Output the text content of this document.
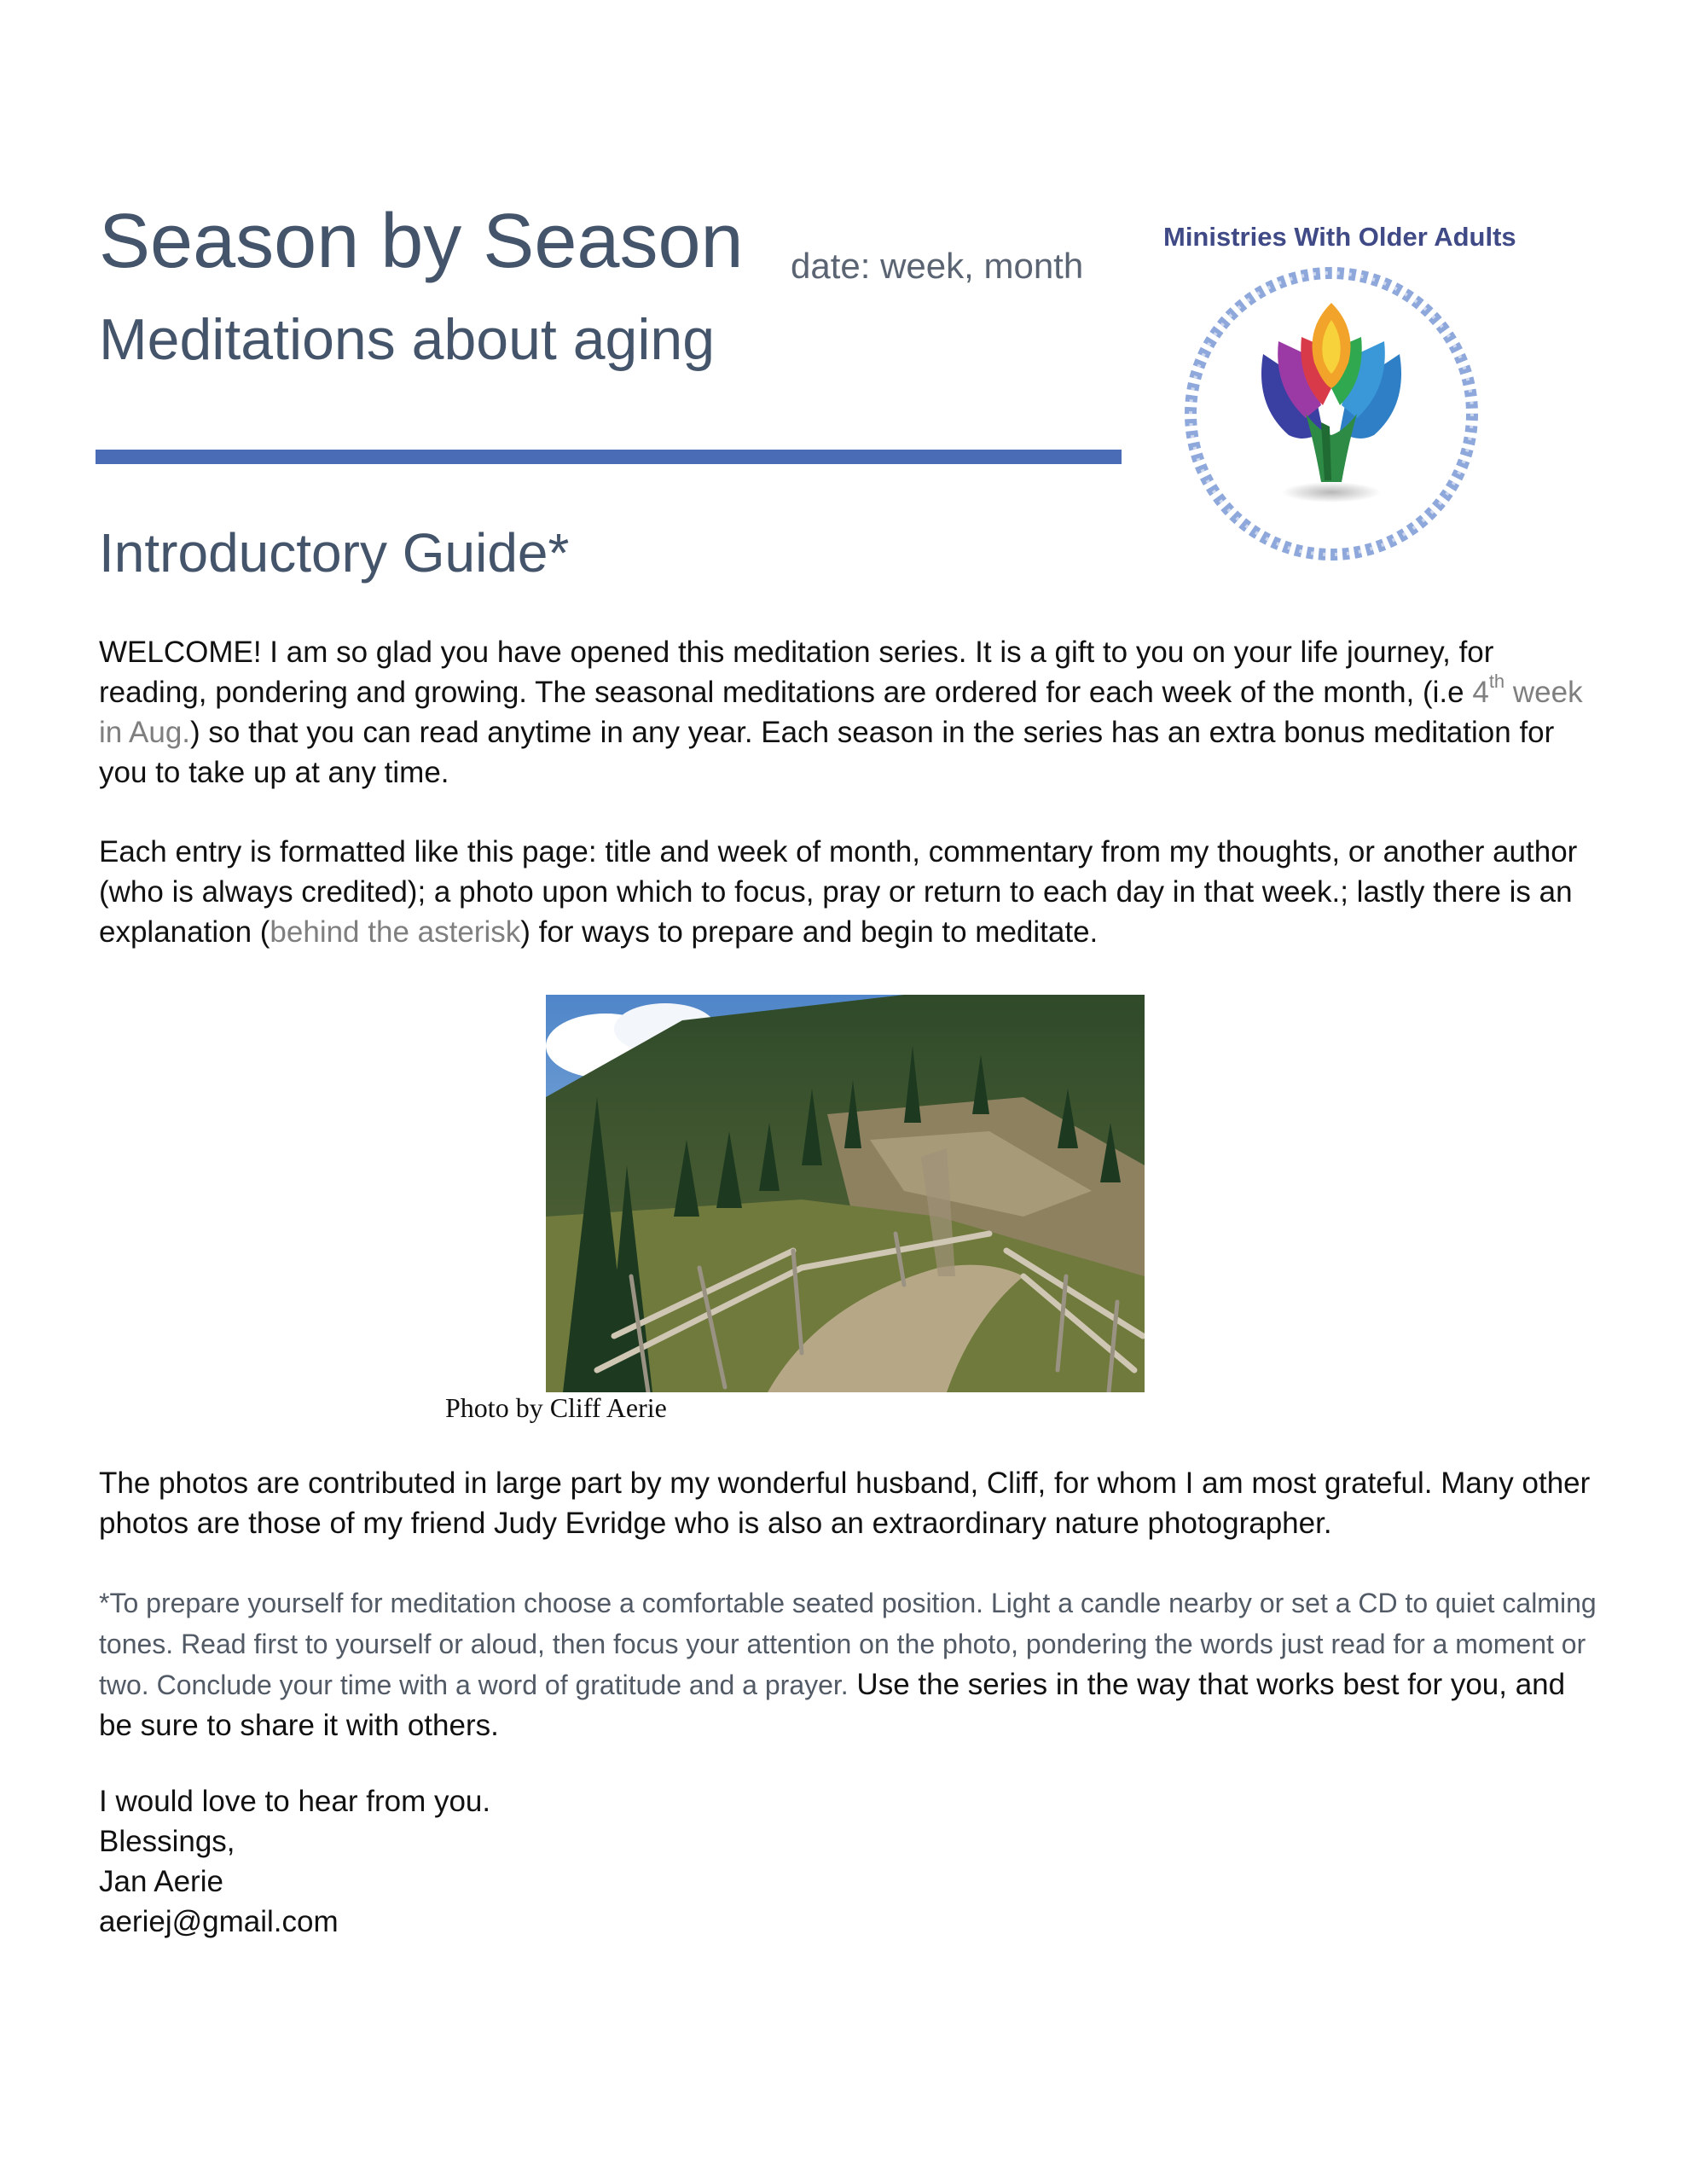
Season by Season date: week, month
Meditations about aging
Ministries With Older Adults
Introductory Guide*
WELCOME! I am so glad you have opened this meditation series. It is a gift to you on your life journey, for reading, pondering and growing. The seasonal meditations are ordered for each week of the month, (i.e 4th week in Aug.) so that you can read anytime in any year. Each season in the series has an extra bonus meditation for you to take up at any time.
Each entry is formatted like this page: title and week of month, commentary from my thoughts, or another author (who is always credited); a photo upon which to focus, pray or return to each day in that week.; lastly there is an explanation (behind the asterisk) for ways to prepare and begin to meditate.
Photo by Cliff Aerie
The photos are contributed in large part by my wonderful husband, Cliff, for whom I am most grateful. Many other photos are those of my friend Judy Evridge who is also an extraordinary nature photographer.
*To prepare yourself for meditation choose a comfortable seated position. Light a candle nearby or set a CD to quiet calming tones. Read first to yourself or aloud, then focus your attention on the photo, pondering the words just read for a moment or two. Conclude your time with a word of gratitude and a prayer. Use the series in the way that works best for you, and be sure to share it with others.
I would love to hear from you.
Blessings,
Jan Aerie
aeriej@gmail.com
